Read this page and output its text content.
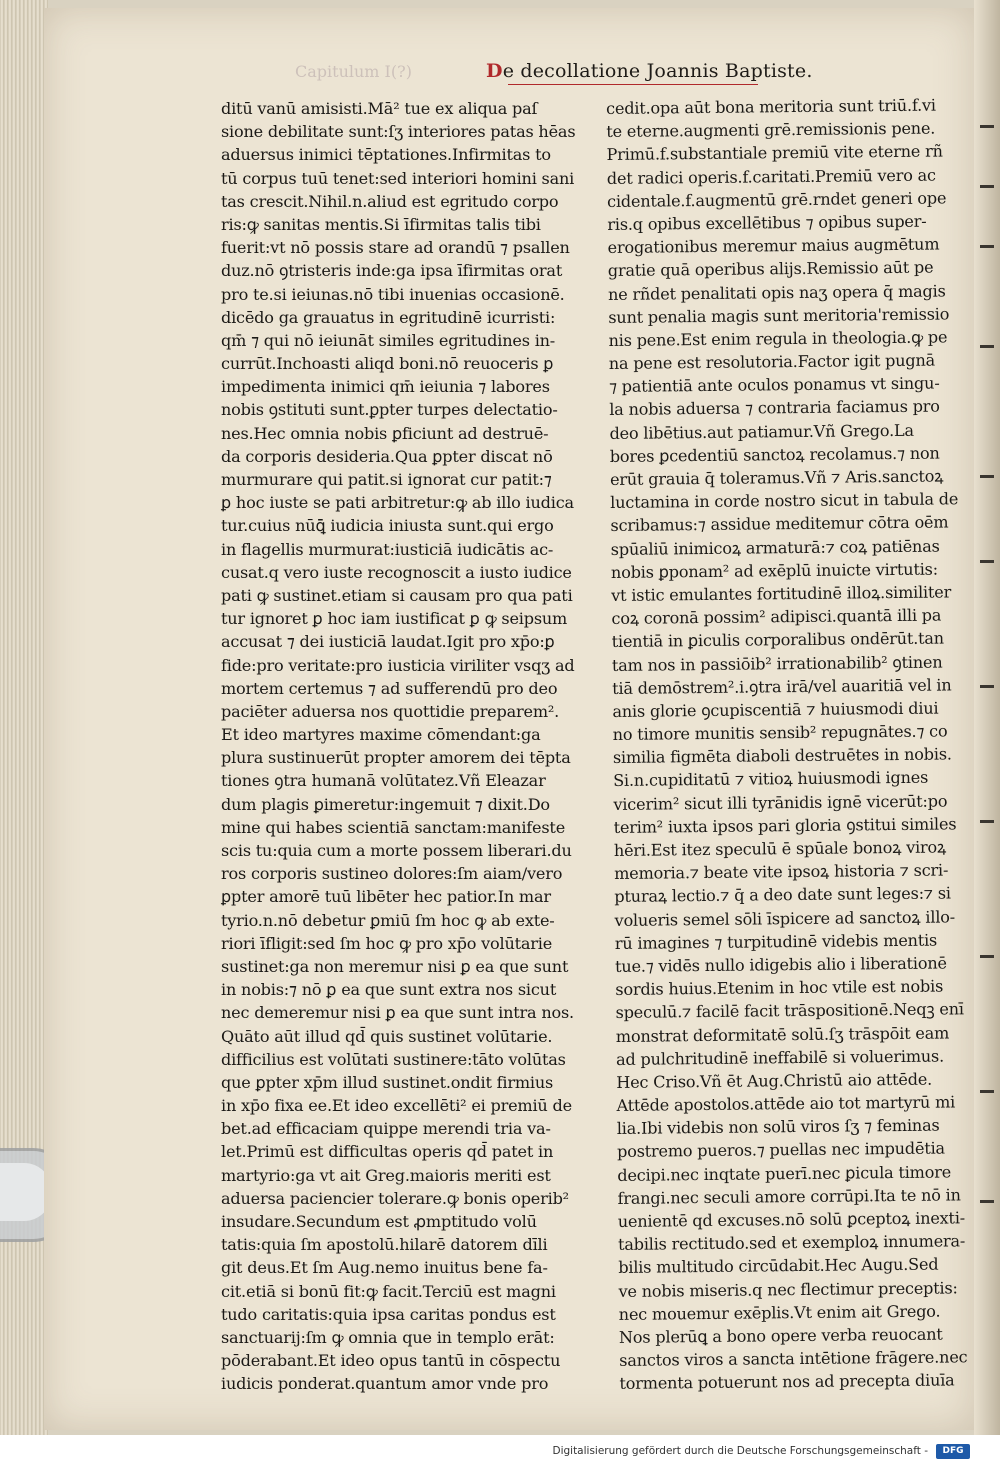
Capitulum I(?)	De decollatione Joannis Baptiste.
ditū vanū amisisti.Mā² tue ex aliqua paſ
sione debilitate sunt:ſʒ interiores patas hēas
aduersus inimici tēptationes.Infirmitas to
tū corpus tuū tenet:sed interiori homini sani
tas crescit.Nihil.n.aliud est egritudo corpo
ris:ꝙ sanitas mentis.Si īfirmitas talis tibi
fuerit:vt nō possis stare ad orandū ⁊ psallen
duz.nō ꝯtristeris inde:ga ipsa īfirmitas orat
pro te.si ieiunas.nō tibi inuenias occasionē.
dicēdo ga grauatus in egritudinē icurristi:
qm̄ ⁊ qui nō ieiunāt similes egritudines in-
currūt.Inchoasti aliqd boni.nō reuoceris ꝑ
impedimenta inimici qm̄ ieiunia ⁊ labores
nobis ꝯstituti sunt.ꝑpter turpes delectatio-
nes.Hec omnia nobis ꝑficiunt ad destruē-
da corporis desideria.Qua ꝑpter discat nō
murmurare qui patit.si ignorat cur patit:⁊
ꝑ hoc iuste se pati arbitretur:ꝙ ab illo iudica
tur.cuius nūꝗ̄ iudicia iniusta sunt.qui ergo
in flagellis murmurat:iusticiā iudicātis ac-
cusat.q vero iuste recognoscit a iusto iudice
pati ꝙ sustinet.etiam si causam pro qua pati
tur ignoret ꝑ hoc iam iustificat ꝑ ꝙ seipsum
accusat ⁊ dei iusticiā laudat.Igit pro xp̄o:ꝑ
fide:pro veritate:pro iusticia viriliter vsqʒ ad
mortem certemus ⁊ ad sufferendū pro deo
paciēter aduersa nos quottidie preparem².
Et ideo martyres maxime cōmendant:ga
plura sustinuerūt propter amorem dei tēpta
tiones ꝯtra humanā volūtatez.Vñ Eleazar
dum plagis ꝑimeretur:ingemuit ⁊ dixit.Do
mine qui habes scientiā sanctam:manifeste
scis tu:quia cum a morte possem liberari.du
ros corporis sustineo dolores:ſm aiam/vero
ꝑpter amorē tuū libēter hec patior.In mar
tyrio.n.nō debetur ꝑmiū ſm hoc ꝙ ab exte-
riori īfligit:sed ſm hoc ꝙ pro xp̄o volūtarie
sustinet:ga non meremur nisi ꝑ ea que sunt
in nobis:⁊ nō ꝑ ea que sunt extra nos sicut
nec demeremur nisi ꝑ ea que sunt intra nos.
Quāto aūt illud qd̄ quis sustinet volūtarie.
difficilius est volūtati sustinere:tāto volūtas
que ꝑpter xp̄m illud sustinet.ondit firmius
in xp̄o fixa ee.Et ideo excellēti² ei premiū de
bet.ad efficaciam quippe merendi tria va-
let.Primū est difficultas operis qd̄ patet in
martyrio:ga vt ait Greg.maioris meriti est
aduersa paciencier tolerare.ꝙ bonis operib²
insudare.Secundum est ꝓmptitudo volū
tatis:quia ſm apostolū.hilarē datorem dīli
git deus.Et ſm Aug.nemo inuitus bene fa-
cit.etiā si bonū fit:ꝙ facit.Terciū est magni
tudo caritatis:quia ipsa caritas pondus est
sanctuarij:ſm ꝙ omnia que in templo erāt:
pōderabant.Et ideo opus tantū in cōspectu
iudicis ponderat.quantum amor vnde pro
cedit.opa aūt bona meritoria sunt triū.f.vi
te eterne.augmenti grē.remissionis pene.
Primū.f.substantiale premiū vite eterne rñ
det radici operis.f.caritati.Premiū vero ac
cidentale.f.augmentū grē.rndet generi ope
ris.q opibus excellētibus ⁊ opibus super-
erogationibus meremur maius augmētum
gratie quā operibus alijs.Remissio aūt pe
ne rñdet penalitati opis naʒ opera q̄ magis
sunt penalia magis sunt meritoria'remissio
nis pene.Est enim regula in theologia.ꝙ pe
na pene est resolutoria.Factor igit pugnā
⁊ patientiā ante oculos ponamus vt singu-
la nobis aduersa ⁊ contraria faciamus pro
deo libētius.aut patiamur.Vñ Grego.La
bores ꝑcedentiū sanctoꝝ recolamus.⁊ non
erūt grauia q̄ toleramus.Vñ ⁊ Aris.sanctoꝝ
luctamina in corde nostro sicut in tabula de
scribamus:⁊ assidue meditemur cōtra oēm
spūaliū inimicoꝝ armaturā:⁊ coꝝ patiēnas
nobis ꝑponam² ad exēplū inuicte virtutis:
vt istic emulantes fortitudinē illoꝝ.similiter
coꝝ coronā possim² adipisci.quantā illi pa
tientiā in ꝑiculis corporalibus ondērūt.tan
tam nos in passiōib² irrationabilib² ꝯtinen
tiā demōstrem².i.ꝯtra irā/vel auaritiā vel in
anis glorie ꝯcupiscentiā ⁊ huiusmodi diui
no timore munitis sensib² repugnātes.⁊ co
similia figmēta diaboli destruētes in nobis.
Si.n.cupiditatū ⁊ vitioꝝ huiusmodi ignes
vicerim² sicut illi tyrānidis ignē vicerūt:po
terim² iuxta ipsos pari gloria ꝯstitui similes
hēri.Est itez speculū ē spūale bonoꝝ viroꝝ
memoria.⁊ beate vite ipsoꝝ historia ⁊ scri-
pturaꝝ lectio.⁊ q̄ a deo date sunt leges:⁊ si
volueris semel sōli īspicere ad sanctoꝝ illo-
rū imagines ⁊ turpitudinē videbis mentis
tue.⁊ vidēs nullo idigebis alio i liberationē
sordis huius.Etenim in hoc vtile est nobis
speculū.⁊ facilē facit trāspositionē.Neqꝫ enī
monstrat deformitatē solū.ſʒ trāspōit eam
ad pulchritudinē ineffabilē si voluerimus.
Hec Criso.Vñ ēt Aug.Christū aio attēde.
Attēde apostolos.attēde aio tot martyrū mi
lia.Ibi videbis non solū viros ſʒ ⁊ feminas
postremo pueros.⁊ puellas nec impudētia
decipi.nec inqtate puerī.nec ꝑicula timore
frangi.nec seculi amore corrūpi.Ita te nō in
uenientē qd excuses.nō solū ꝑceptoꝝ inexti-
tabilis rectitudo.sed et exemploꝝ innumera-
bilis multitudo circūdabit.Hec Augu.Sed
ve nobis miseris.q nec flectimur preceptis:
nec mouemur exēplis.Vt enim ait Grego.
Nos plerūꝗ a bono opere verba reuocant
sanctos viros a sancta intētione frāgere.nec
tormenta potuerunt nos ad precepta diuīa
Digitalisierung gefördert durch die Deutsche Forschungsgemeinschaft -	DFG
